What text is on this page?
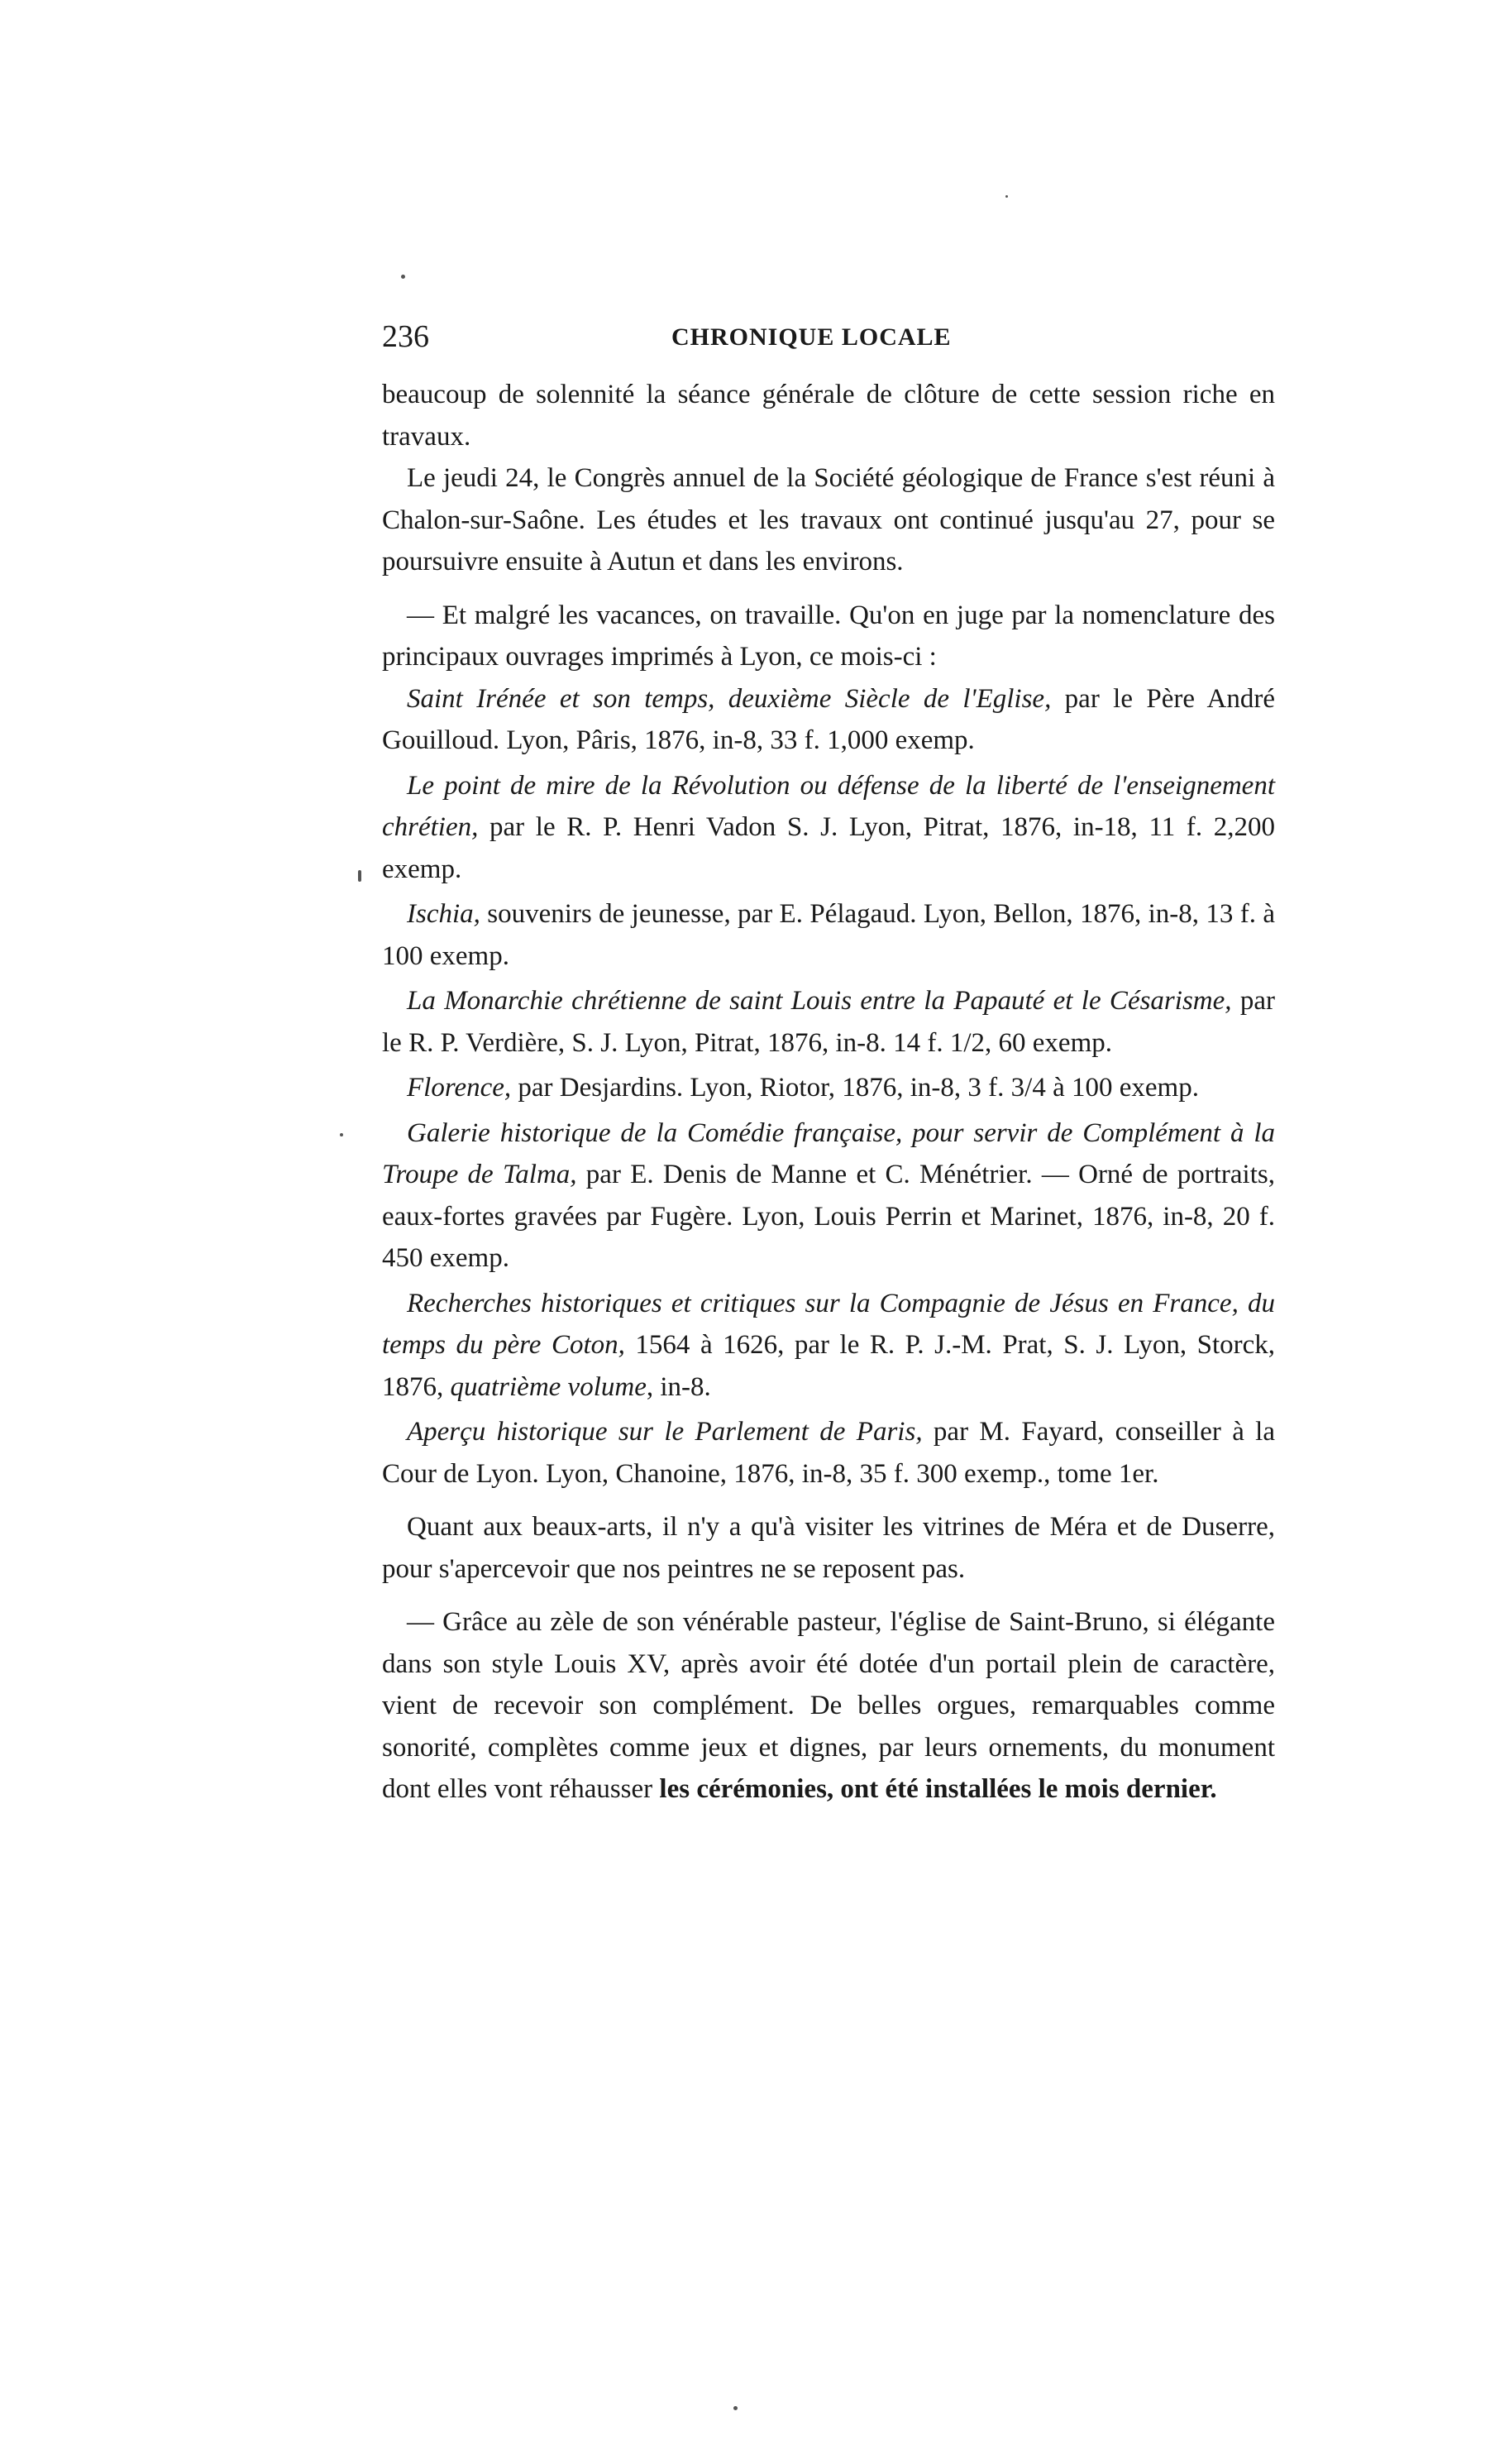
236	CHRONIQUE LOCALE

beaucoup de solennité la séance générale de clôture de cette session riche en travaux.

Le jeudi 24, le Congrès annuel de la Société géologique de France s'est réuni à Chalon-sur-Saône. Les études et les travaux ont continué jusqu'au 27, pour se poursuivre ensuite à Autun et dans les environs.

— Et malgré les vacances, on travaille. Qu'on en juge par la nomenclature des principaux ouvrages imprimés à Lyon, ce mois-ci :

Saint Irénée et son temps, deuxième Siècle de l'Eglise, par le Père André Gouilloud. Lyon, Pâris, 1876, in-8, 33 f. 1,000 exemp.

Le point de mire de la Révolution ou défense de la liberté de l'enseignement chrétien, par le R. P. Henri Vadon S. J. Lyon, Pitrat, 1876, in-18, 11 f. 2,200 exemp.

Ischia, souvenirs de jeunesse, par E. Pélagaud. Lyon, Bellon, 1876, in-8, 13 f. à 100 exemp.

La Monarchie chrétienne de saint Louis entre la Papauté et le Césarisme, par le R. P. Verdière, S. J. Lyon, Pitrat, 1876, in-8. 14 f. 1/2, 60 exemp.

Florence, par Desjardins. Lyon, Riotor, 1876, in-8, 3 f. 3/4 à 100 exemp.

Galerie historique de la Comédie française, pour servir de Complément à la Troupe de Talma, par E. Denis de Manne et C. Ménétrier. — Orné de portraits, eaux-fortes gravées par Fugère. Lyon, Louis Perrin et Marinet, 1876, in-8, 20 f. 450 exemp.

Recherches historiques et critiques sur la Compagnie de Jésus en France, du temps du père Coton, 1564 à 1626, par le R. P. J.-M. Prat, S. J. Lyon, Storck, 1876, quatrième volume, in-8.

Aperçu historique sur le Parlement de Paris, par M. Fayard, conseiller à la Cour de Lyon. Lyon, Chanoine, 1876, in-8, 35 f. 300 exemp., tome 1er.

Quant aux beaux-arts, il n'y a qu'à visiter les vitrines de Méra et de Duserre, pour s'apercevoir que nos peintres ne se reposent pas.

— Grâce au zèle de son vénérable pasteur, l'église de Saint-Bruno, si élégante dans son style Louis XV, après avoir été dotée d'un portail plein de caractère, vient de recevoir son complément. De belles orgues, remarquables comme sonorité, complètes comme jeux et dignes, par leurs ornements, du monument dont elles vont réhausser les cérémonies, ont été installées le mois dernier.
